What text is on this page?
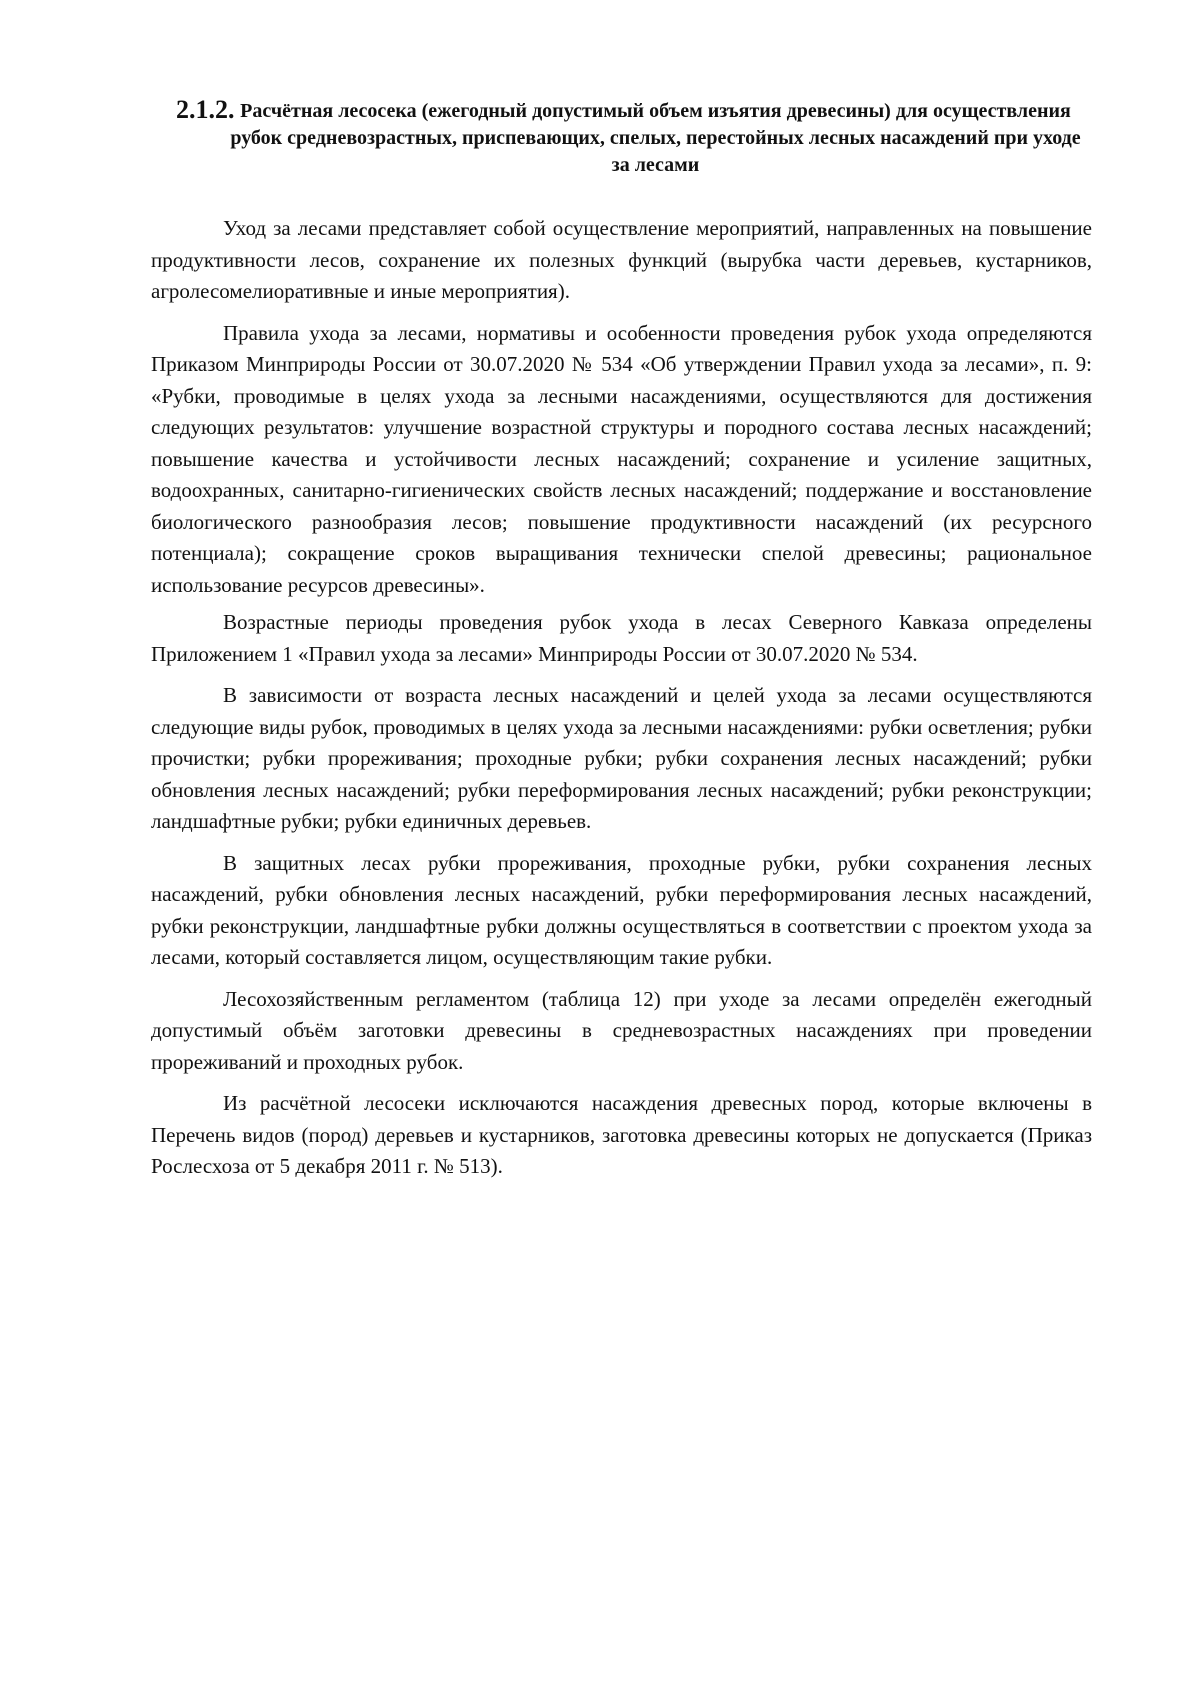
2.1.2. Расчётная лесосека (ежегодный допустимый объем изъятия древесины) для осуществления рубок средневозрастных, приспевающих, спелых, перестойных лесных насаждений при уходе за лесами

Уход за лесами представляет собой осуществление мероприятий, направленных на повышение продуктивности лесов, сохранение их полезных функций (вырубка части деревьев, кустарников, агролесомелиоративные и иные мероприятия).

Правила ухода за лесами, нормативы и особенности проведения рубок ухода определяются Приказом Минприроды России от 30.07.2020 № 534 «Об утверждении Правил ухода за лесами», п. 9: «Рубки, проводимые в целях ухода за лесными насаждениями, осуществляются для достижения следующих результатов: улучшение возрастной структуры и породного состава лесных насаждений; повышение качества и устойчивости лесных насаждений; сохранение и усиление защитных, водоохранных, санитарно-гигиенических свойств лесных насаждений; поддержание и восстановление биологического разнообразия лесов; повышение продуктивности насаждений (их ресурсного потенциала); сокращение сроков выращивания технически спелой древесины; рациональное использование ресурсов древесины».

Возрастные периоды проведения рубок ухода в лесах Северного Кавказа определены Приложением 1 «Правил ухода за лесами» Минприроды России от 30.07.2020 № 534.

В зависимости от возраста лесных насаждений и целей ухода за лесами осуществляются следующие виды рубок, проводимых в целях ухода за лесными насаждениями: рубки осветления; рубки прочистки; рубки прореживания; проходные рубки; рубки сохранения лесных насаждений; рубки обновления лесных насаждений; рубки переформирования лесных насаждений; рубки реконструкции; ландшафтные рубки; рубки единичных деревьев.

В защитных лесах рубки прореживания, проходные рубки, рубки сохранения лесных насаждений, рубки обновления лесных насаждений, рубки переформирования лесных насаждений, рубки реконструкции, ландшафтные рубки должны осуществляться в соответствии с проектом ухода за лесами, который составляется лицом, осуществляющим такие рубки.

Лесохозяйственным регламентом (таблица 12) при уходе за лесами определён ежегодный допустимый объём заготовки древесины в средневозрастных насаждениях при проведении прореживаний и проходных рубок.

Из расчётной лесосеки исключаются насаждения древесных пород, которые включены в Перечень видов (пород) деревьев и кустарников, заготовка древесины которых не допускается (Приказ Рослесхоза от 5 декабря 2011 г. № 513).
